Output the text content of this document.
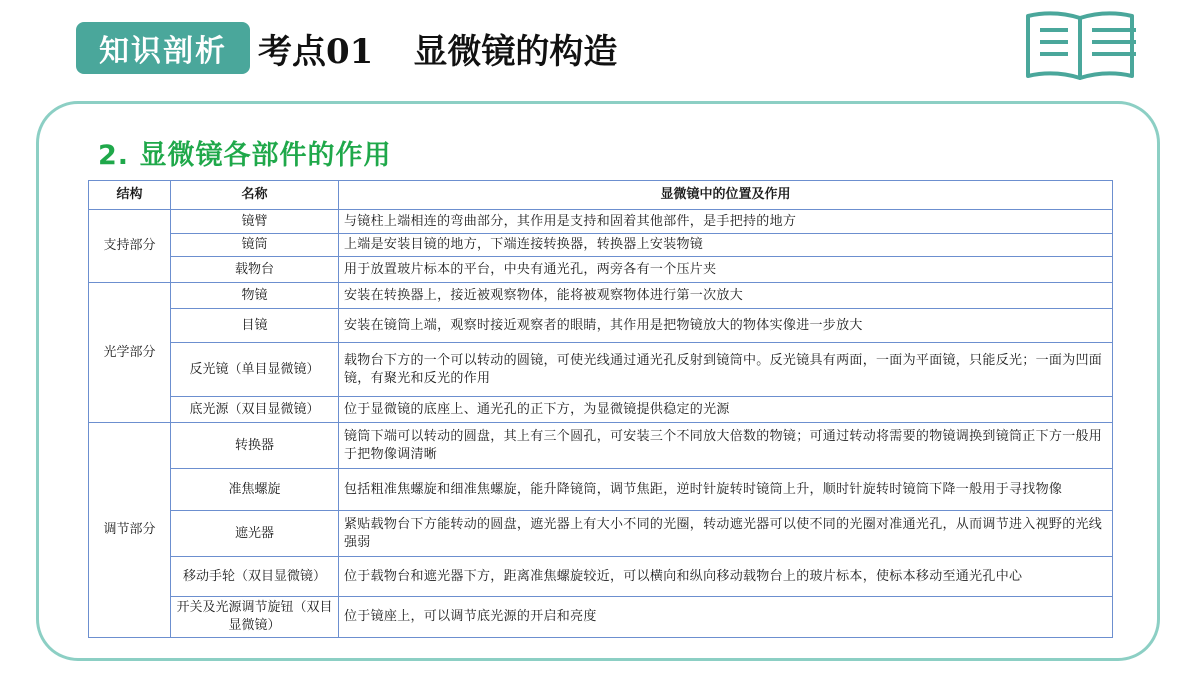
知识剖析 考点01 显微镜的构造
2. 显微镜各部件的作用
结构	名称	显微镜中的位置及作用
支持部分	镜臂	与镜柱上端相连的弯曲部分，其作用是支持和固着其他部件，是手把持的地方
	镜筒	上端是安装目镜的地方，下端连接转换器，转换器上安装物镜
	载物台	用于放置玻片标本的平台，中央有通光孔，两旁各有一个压片夹
光学部分	物镜	安装在转换器上，接近被观察物体，能将被观察物体进行第一次放大
	目镜	安装在镜筒上端，观察时接近观察者的眼睛，其作用是把物镜放大的物体实像进一步放大
	反光镜（单目显微镜）	载物台下方的一个可以转动的圆镜，可使光线通过通光孔反射到镜筒中。反光镜具有两面，一面为平面镜，只能反光；一面为凹面镜，有聚光和反光的作用
	底光源（双目显微镜）	位于显微镜的底座上、通光孔的正下方，为显微镜提供稳定的光源
调节部分	转换器	镜筒下端可以转动的圆盘，其上有三个圆孔，可安装三个不同放大倍数的物镜；可通过转动将需要的物镜调换到镜筒正下方一般用于把物像调清晰
	准焦螺旋	包括粗准焦螺旋和细准焦螺旋，能升降镜筒，调节焦距，逆时针旋转时镜筒上升，顺时针旋转时镜筒下降一般用于寻找物像
	遮光器	紧贴载物台下方能转动的圆盘，遮光器上有大小不同的光圈，转动遮光器可以使不同的光圈对准通光孔，从而调节进入视野的光线强弱
	移动手轮（双目显微镜）	位于载物台和遮光器下方，距离准焦螺旋较近，可以横向和纵向移动载物台上的玻片标本，使标本移动至通光孔中心
	开关及光源调节旋钮（双目显微镜）	位于镜座上，可以调节底光源的开启和亮度
